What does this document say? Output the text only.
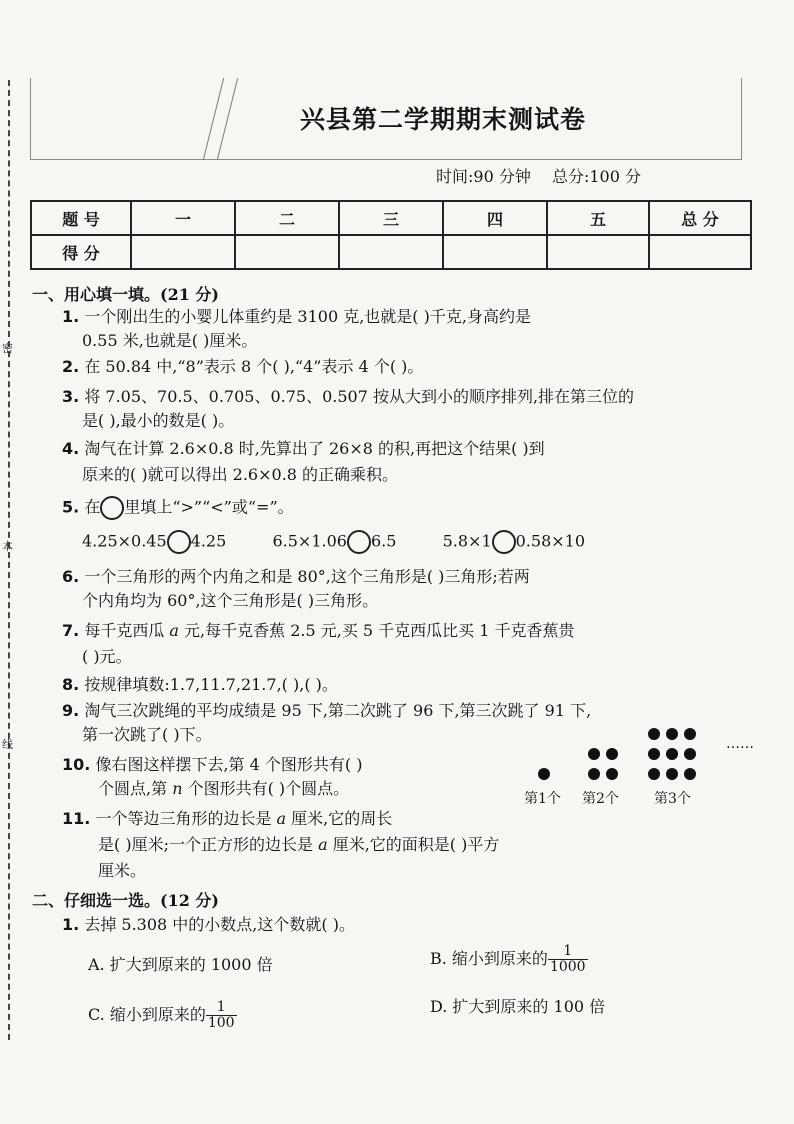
密
本
线
兴县第二学期期末测试卷
时间:90 分钟 总分:100 分
题 号	一	二	三	四	五	总 分
得 分						
一、用心填一填。(21 分)
1. 一个刚出生的小婴儿体重约是 3100 克,也就是( )千克,身高约是
0.55 米,也就是( )厘米。
2. 在 50.84 中,“8”表示 8 个( ),“4”表示 4 个( )。
3. 将 7.05、70.5、0.705、0.75、0.507 按从大到小的顺序排列,排在第三位的
是( ),最小的数是( )。
4. 淘气在计算 2.6×0.8 时,先算出了 26×8 的积,再把这个结果( )到
原来的( )就可以得出 2.6×0.8 的正确乘积。
5. 在 里填上“>”“<”或“=”。
4.25×0.45 4.25	6.5×1.06 6.5	5.8×1 0.58×10
6. 一个三角形的两个内角之和是 80°,这个三角形是( )三角形;若两
个内角均为 60°,这个三角形是( )三角形。
7. 每千克西瓜 a 元,每千克香蕉 2.5 元,买 5 千克西瓜比买 1 千克香蕉贵
( )元。
8. 按规律填数:1.7,11.7,21.7,( ),( )。
9. 淘气三次跳绳的平均成绩是 95 下,第二次跳了 96 下,第三次跳了 91 下,
第一次跳了( )下。
10. 像右图这样摆下去,第 4 个图形共有( )
个圆点,第 n 个图形共有( )个圆点。
……
第1个 第2个	第3个
11. 一个等边三角形的边长是 a 厘米,它的周长
是( )厘米;一个正方形的边长是 a 厘米,它的面积是( )平方
厘米。
二、仔细选一选。(12 分)
1. 去掉 5.308 中的小数点,这个数就( )。
A. 扩大到原来的 1000 倍	B. 缩小到原来的 $\frac{1}{1000}$
C. 缩小到原来的 $\frac{1}{100}$	D. 扩大到原来的 100 倍
